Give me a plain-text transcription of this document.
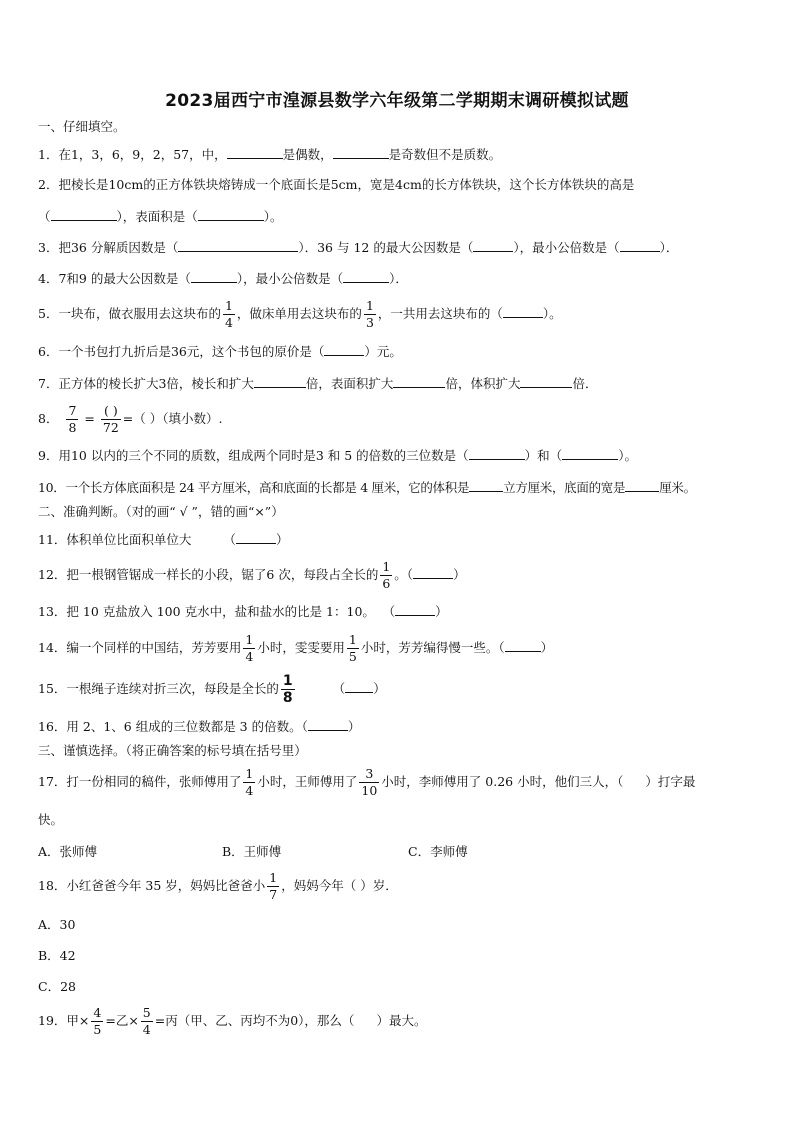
2023届西宁市湟源县数学六年级第二学期期末调研模拟试题
一、仔细填空。
1．在1，3，6，9，2，57，中，	是偶数，	是奇数但不是质数。
2．把棱长是10cm的正方体铁块熔铸成一个底面长是5cm，宽是4cm的长方体铁块，这个长方体铁块的高是
（	），表面积是（	）。
3．把36 分解质因数是（	）．36 与 12 的最大公因数是（	），最小公倍数是（	）．
4．7和9 的最大公因数是（	），最小公倍数是（	）．
5．一块布，做衣服用去这块布的 $\frac{1}{4}$ ，做床单用去这块布的 $\frac{1}{3}$ ，一共用去这块布的（	）。
6．一个书包打九折后是36元，这个书包的原价是（	）元。
7．正方体的棱长扩大3倍，棱长和扩大	倍，表面积扩大	倍，体积扩大	倍．
8． $\frac{7}{8} = \frac{( )}{72}$ =（ ）（填小数）.
9．用10 以内的三个不同的质数，组成两个同时是3 和 5 的倍数的三位数是（	）和（	）。
10．一个长方体底面积是 24 平方厘米，高和底面的长都是 4 厘米，它的体积是	立方厘米，底面的宽是	厘米。
二、准确判断。（对的画“ √ ”，错的画“×”）
11．体积单位比面积单位大	（	）
12．把一根钢管锯成一样长的小段，锯了6 次，每段占全长的 $\frac{1}{6}$ 。（	）
13．把 10 克盐放入 100 克水中，盐和盐水的比是 1：10。 （	）
14．编一个同样的中国结，芳芳要用 $\frac{1}{4}$ 小时，雯雯要用 $\frac{1}{5}$ 小时，芳芳编得慢一些。（	）
15．一根绳子连续对折三次，每段是全长的 $\frac{1}{8}$	（ ）
16．用 2、1、6 组成的三位数都是 3 的倍数。（	）
三、谨慎选择。（将正确答案的标号填在括号里）
17．打一份相同的稿件，张师傅用了 $\frac{1}{4}$ 小时，王师傅用了 $\frac{3}{10}$ 小时，李师傅用了 0.26 小时，他们三人，（ ）打字最
快。
A．张师傅	B．王师傅	C．李师傅
18．小红爸爸今年 35 岁，妈妈比爸爸小 $\frac{1}{7}$ ，妈妈今年（ ）岁．
A．30
B．42
C．28
19．甲× $\frac{4}{5}$ =乙× $\frac{5}{4}$ =丙（甲、乙、丙均不为0），那么（ ）最大。
